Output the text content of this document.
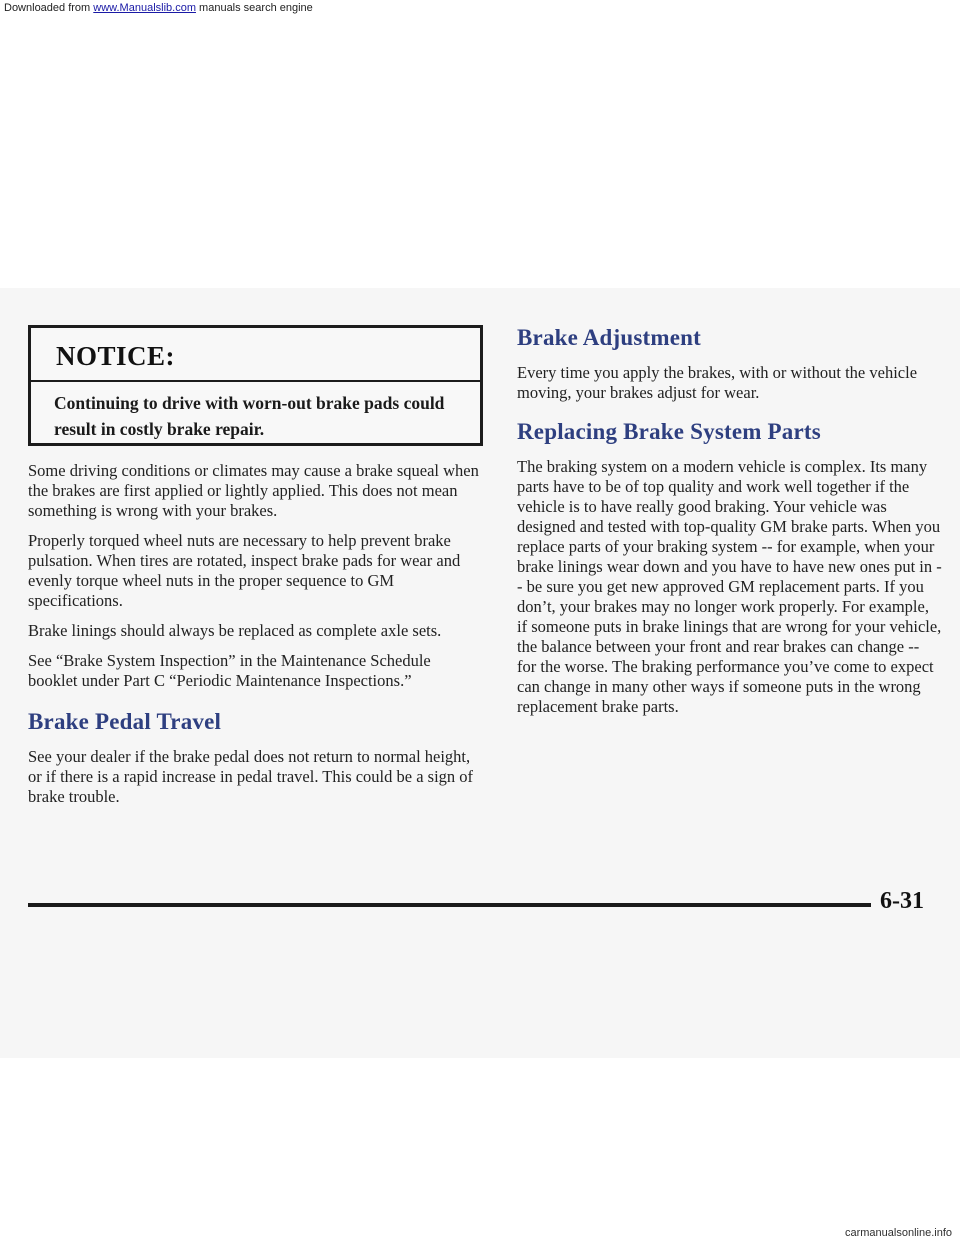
Downloaded from www.Manualslib.com manuals search engine
NOTICE:
Continuing to drive with worn-out brake pads could result in costly brake repair.

Some driving conditions or climates may cause a brake squeal when the brakes are first applied or lightly applied. This does not mean something is wrong with your brakes.

Properly torqued wheel nuts are necessary to help prevent brake pulsation. When tires are rotated, inspect brake pads for wear and evenly torque wheel nuts in the proper sequence to GM specifications.

Brake linings should always be replaced as complete axle sets.

See “Brake System Inspection” in the Maintenance Schedule booklet under Part C “Periodic Maintenance Inspections.”

Brake Pedal Travel

See your dealer if the brake pedal does not return to normal height, or if there is a rapid increase in pedal travel. This could be a sign of brake trouble.

Brake Adjustment

Every time you apply the brakes, with or without the vehicle moving, your brakes adjust for wear.

Replacing Brake System Parts

The braking system on a modern vehicle is complex. Its many parts have to be of top quality and work well together if the vehicle is to have really good braking. Your vehicle was designed and tested with top-quality GM brake parts. When you replace parts of your braking system -- for example, when your brake linings wear down and you have to have new ones put in -- be sure you get new approved GM replacement parts. If you don’t, your brakes may no longer work properly. For example, if someone puts in brake linings that are wrong for your vehicle, the balance between your front and rear brakes can change -- for the worse. The braking performance you’ve come to expect can change in many other ways if someone puts in the wrong replacement brake parts.

6-31
carmanualsonline.info
